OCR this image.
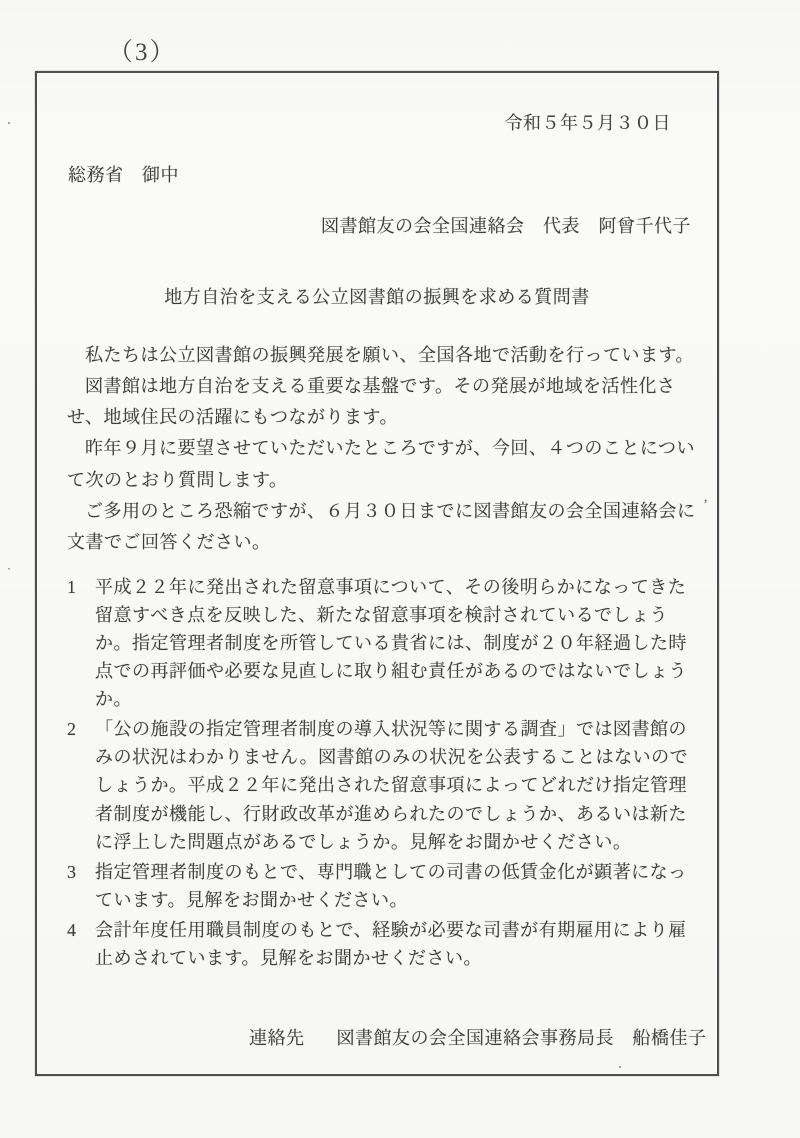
（3）
令和５年５月３０日
総務省　御中
図書館友の会全国連絡会　代表　阿曾千代子
地方自治を支える公立図書館の振興を求める質問書

私たちは公立図書館の振興発展を願い、全国各地で活動を行っています。

図書館は地方自治を支える重要な基盤です。その発展が地域を活性化させ、地域住民の活躍にもつながります。

昨年９月に要望させていただいたところですが、今回、４つのことについて次のとおり質問します。

ご多用のところ恐縮ですが、６月３０日までに図書館友の会全国連絡会に文書でご回答ください。

1	平成２２年に発出された留意事項について、その後明らかになってきた留意すべき点を反映した、新たな留意事項を検討されているでしょうか。指定管理者制度を所管している貴省には、制度が２０年経過した時点での再評価や必要な見直しに取り組む責任があるのではないでしょうか。
2	「公の施設の指定管理者制度の導入状況等に関する調査」では図書館のみの状況はわかりません。図書館のみの状況を公表することはないのでしょうか。平成２２年に発出された留意事項によってどれだけ指定管理者制度が機能し、行財政改革が進められたのでしょうか、あるいは新たに浮上した問題点があるでしょうか。見解をお聞かせください。
3	指定管理者制度のもとで、専門職としての司書の低賃金化が顕著になっています。見解をお聞かせください。
4	会計年度任用職員制度のもとで、経験が必要な司書が有期雇用により雇止めされています。見解をお聞かせください。
連絡先 図書館友の会全国連絡会事務局長　船橋佳子
`
’
